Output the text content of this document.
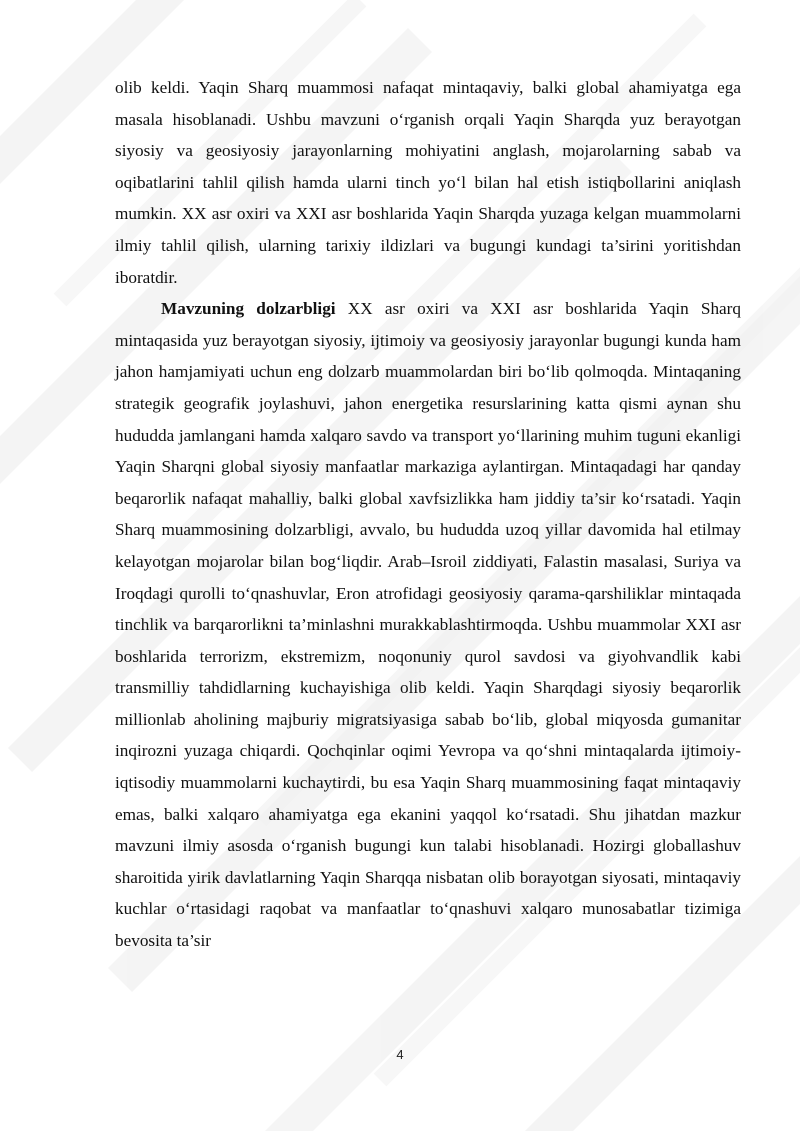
olib keldi. Yaqin Sharq muammosi nafaqat mintaqaviy, balki global ahamiyatga ega masala hisoblanadi. Ushbu mavzuni o‘rganish orqali Yaqin Sharqda yuz berayotgan siyosiy va geosiyosiy jarayonlarning mohiyatini anglash, mojarolarning sabab va oqibatlarini tahlil qilish hamda ularni tinch yo‘l bilan hal etish istiqbollarini aniqlash mumkin. XX asr oxiri va XXI asr boshlarida Yaqin Sharqda yuzaga kelgan muammolarni ilmiy tahlil qilish, ularning tarixiy ildizlari va bugungi kundagi ta’sirini yoritishdan iboratdir.

Mavzuning dolzarbligi XX asr oxiri va XXI asr boshlarida Yaqin Sharq mintaqasida yuz berayotgan siyosiy, ijtimoiy va geosiyosiy jarayonlar bugungi kunda ham jahon hamjamiyati uchun eng dolzarb muammolardan biri bo‘lib qolmoqda. Mintaqaning strategik geografik joylashuvi, jahon energetika resurslarining katta qismi aynan shu hududda jamlangani hamda xalqaro savdo va transport yo‘llarining muhim tuguni ekanligi Yaqin Sharqni global siyosiy manfaatlar markaziga aylantirgan. Mintaqadagi har qanday beqarorlik nafaqat mahalliy, balki global xavfsizlikka ham jiddiy ta’sir ko‘rsatadi. Yaqin Sharq muammosining dolzarbligi, avvalo, bu hududda uzoq yillar davomida hal etilmay kelayotgan mojarolar bilan bog‘liqdir. Arab–Isroil ziddiyati, Falastin masalasi, Suriya va Iroqdagi qurolli to‘qnashuvlar, Eron atrofidagi geosiyosiy qarama-qarshiliklar mintaqada tinchlik va barqarorlikni ta’minlashni murakkablashtirmoqda. Ushbu muammolar XXI asr boshlarida terrorizm, ekstremizm, noqonuniy qurol savdosi va giyohvandlik kabi transmilliy tahdidlarning kuchayishiga olib keldi. Yaqin Sharqdagi siyosiy beqarorlik millionlab aholining majburiy migratsiyasiga sabab bo‘lib, global miqyosda gumanitar inqirozni yuzaga chiqardi. Qochqinlar oqimi Yevropa va qo‘shni mintaqalarda ijtimoiy-iqtisodiy muammolarni kuchaytirdi, bu esa Yaqin Sharq muammosining faqat mintaqaviy emas, balki xalqaro ahamiyatga ega ekanini yaqqol ko‘rsatadi. Shu jihatdan mazkur mavzuni ilmiy asosda o‘rganish bugungi kun talabi hisoblanadi. Hozirgi globallashuv sharoitida yirik davlatlarning Yaqin Sharqqa nisbatan olib borayotgan siyosati, mintaqaviy kuchlar o‘rtasidagi raqobat va manfaatlar to‘qnashuvi xalqaro munosabatlar tizimiga bevosita ta’sir

4
